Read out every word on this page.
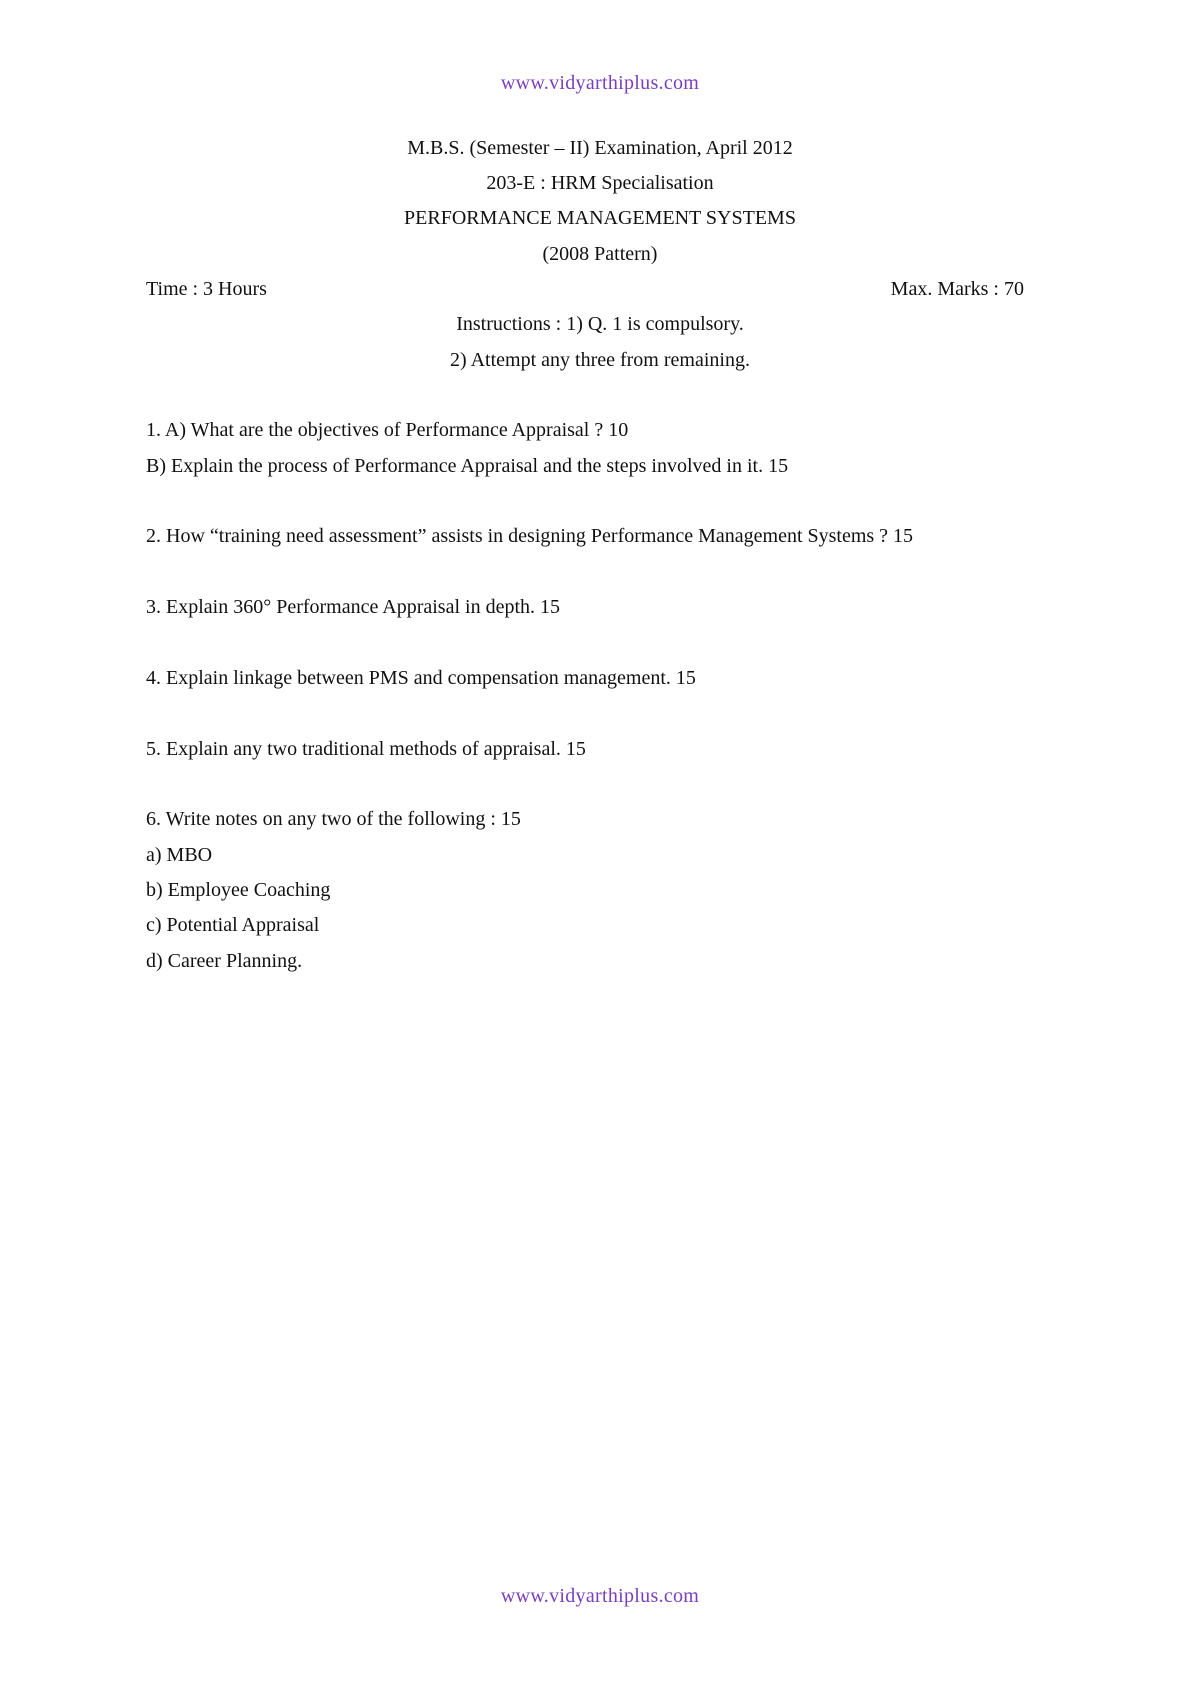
www.vidyarthiplus.com
M.B.S. (Semester – II) Examination, April 2012
203-E : HRM Specialisation
PERFORMANCE MANAGEMENT SYSTEMS
(2008 Pattern)
Time : 3 Hours	Max. Marks : 70
Instructions : 1) Q. 1 is compulsory.
2) Attempt any three from remaining.
1. A) What are the objectives of Performance Appraisal ? 10
B) Explain the process of Performance Appraisal and the steps involved in it. 15
2. How “training need assessment” assists in designing Performance Management Systems ? 15
3. Explain 360° Performance Appraisal in depth. 15
4. Explain linkage between PMS and compensation management. 15
5. Explain any two traditional methods of appraisal. 15
6. Write notes on any two of the following : 15
a) MBO
b) Employee Coaching
c) Potential Appraisal
d) Career Planning.
www.vidyarthiplus.com
